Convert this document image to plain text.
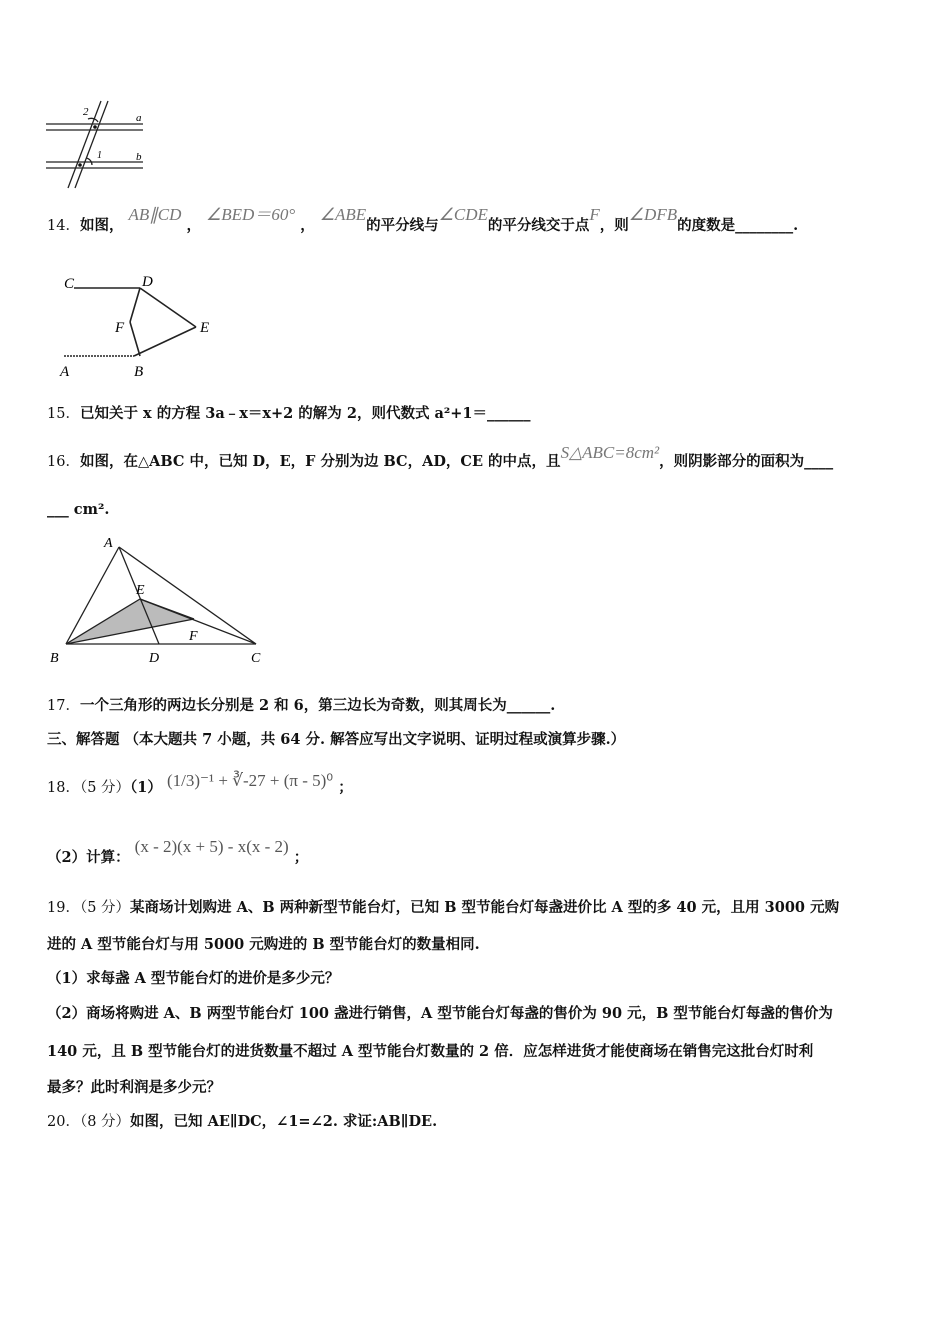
2
1
a
b
14．如图， AB∥CD ， ∠BED＝60° ， ∠ABE的平分线与∠CDE的平分线交于点F，则∠DFB的度数是________.
C	D
F	E
A	B
15．已知关于 x 的方程 3a﹣x＝x+2 的解为 2，则代数式 a²+1＝______
16．如图，在△ABC 中，已知 D，E，F 分别为边 BC，AD，CE 的中点，且S△ABC=8cm²，则阴影部分的面积为____
___ cm².
A
E
F
B	D	C
17．一个三角形的两边长分别是 2 和 6，第三边长为奇数，则其周长为______.
三、解答题 （本大题共 7 小题，共 64 分. 解答应写出文字说明、证明过程或演算步骤.）
18．（5 分）（1） (1/3)⁻¹ + ∛-27 + (π - 5)⁰ ；
（2）计算： (x - 2)(x + 5) - x(x - 2) ；
19．（5 分）某商场计划购进 A、B 两种新型节能台灯，已知 B 型节能台灯每盏进价比 A 型的多 40 元，且用 3000 元购
进的 A 型节能台灯与用 5000 元购进的 B 型节能台灯的数量相同.
（1）求每盏 A 型节能台灯的进价是多少元？
（2）商场将购进 A、B 两型节能台灯 100 盏进行销售，A 型节能台灯每盏的售价为 90 元，B 型节能台灯每盏的售价为
140 元，且 B 型节能台灯的进货数量不超过 A 型节能台灯数量的 2 倍．应怎样进货才能使商场在销售完这批台灯时利
最多？此时利润是多少元？
20．（8 分）如图，已知 AE∥DC，∠1=∠2. 求证:AB∥DE.
